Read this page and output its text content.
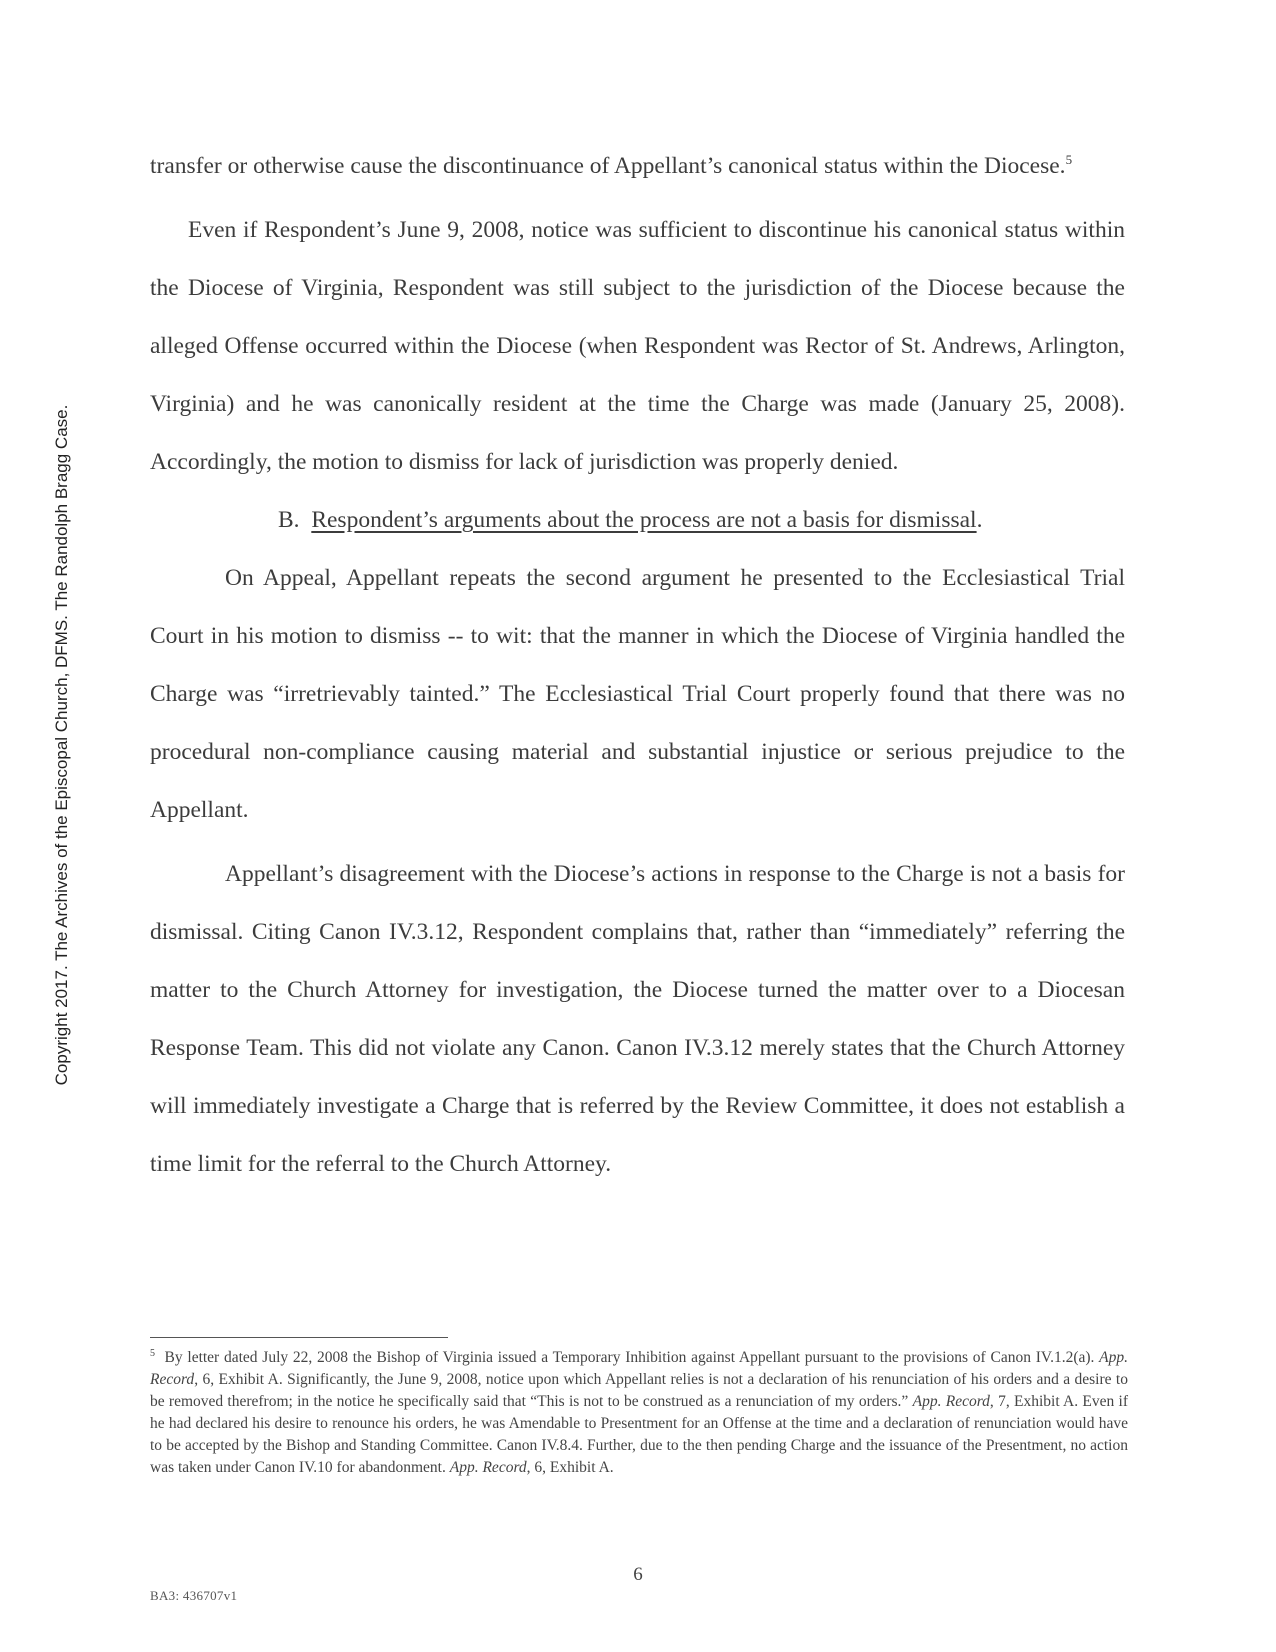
Copyright 2017. The Archives of the Episcopal Church, DFMS. The Randolph Bragg Case.

transfer or otherwise cause the discontinuance of Appellant’s canonical status within the Diocese.$^5$

Even if Respondent’s June 9, 2008, notice was sufficient to discontinue his canonical status within the Diocese of Virginia, Respondent was still subject to the jurisdiction of the Diocese because the alleged Offense occurred within the Diocese (when Respondent was Rector of St. Andrews, Arlington, Virginia) and he was canonically resident at the time the Charge was made (January 25, 2008). Accordingly, the motion to dismiss for lack of jurisdiction was properly denied.

B. Respondent’s arguments about the process are not a basis for dismissal.

On Appeal, Appellant repeats the second argument he presented to the Ecclesiastical Trial Court in his motion to dismiss -- to wit: that the manner in which the Diocese of Virginia handled the Charge was “irretrievably tainted.” The Ecclesiastical Trial Court properly found that there was no procedural non-compliance causing material and substantial injustice or serious prejudice to the Appellant.

Appellant’s disagreement with the Diocese’s actions in response to the Charge is not a basis for dismissal. Citing Canon IV.3.12, Respondent complains that, rather than “immediately” referring the matter to the Church Attorney for investigation, the Diocese turned the matter over to a Diocesan Response Team. This did not violate any Canon. Canon IV.3.12 merely states that the Church Attorney will immediately investigate a Charge that is referred by the Review Committee, it does not establish a time limit for the referral to the Church Attorney.

$^5$ By letter dated July 22, 2008 the Bishop of Virginia issued a Temporary Inhibition against Appellant pursuant to the provisions of Canon IV.1.2(a). App. Record, 6, Exhibit A. Significantly, the June 9, 2008, notice upon which Appellant relies is not a declaration of his renunciation of his orders and a desire to be removed therefrom; in the notice he specifically said that “This is not to be construed as a renunciation of my orders.” App. Record, 7, Exhibit A. Even if he had declared his desire to renounce his orders, he was Amendable to Presentment for an Offense at the time and a declaration of renunciation would have to be accepted by the Bishop and Standing Committee. Canon IV.8.4. Further, due to the then pending Charge and the issuance of the Presentment, no action was taken under Canon IV.10 for abandonment. App. Record, 6, Exhibit A.
6
BA3: 436707v1
